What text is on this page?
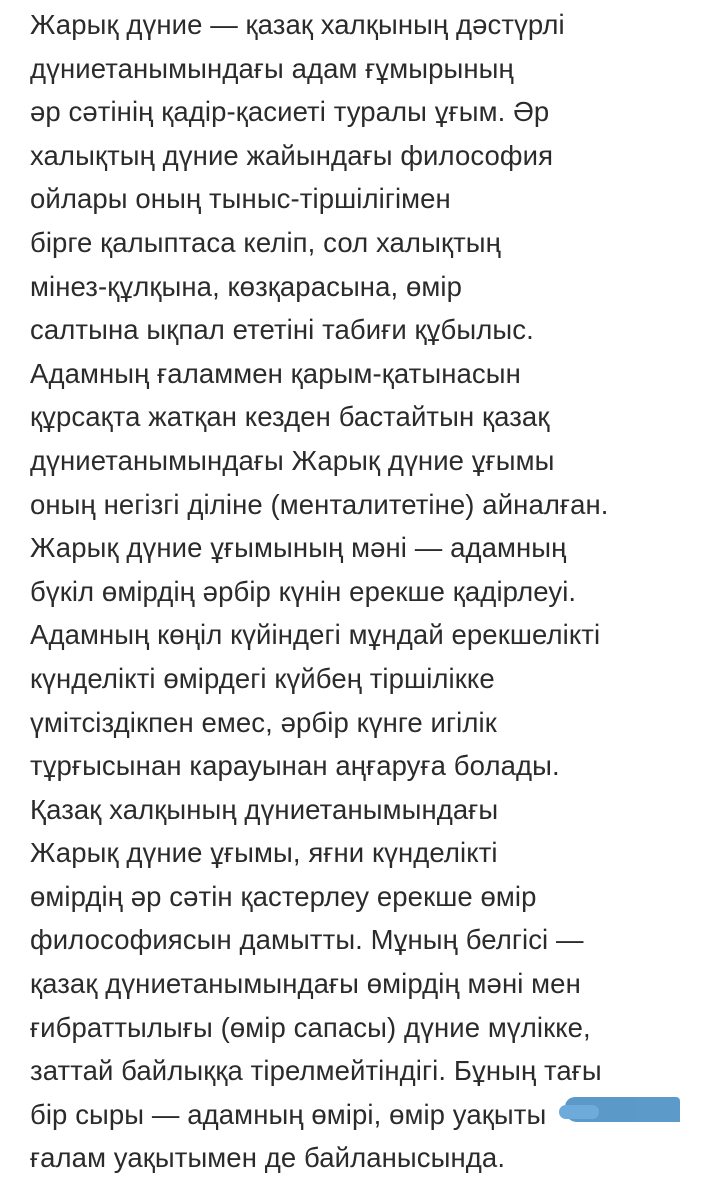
Жарық дүние — қазақ халқының дәстүрлі
дүниетанымындағы адам ғұмырының
әр сәтінің қадір-қасиеті туралы ұғым. Әр
халықтың дүние жайындағы философия
ойлары оның тыныс-тіршілігімен
бірге қалыптаса келіп, сол халықтың
мінез-құлқына, көзқарасына, өмір
салтына ықпал ететіні табиғи құбылыс.
Адамның ғаламмен қарым-қатынасын
құрсақта жатқан кезден бастайтын қазақ
дүниетанымындағы Жарық дүние ұғымы
оның негізгі діліне (менталитетіне) айналған.
Жарық дүние ұғымының мәні — адамның
бүкіл өмірдің әрбір күнін ерекше қадірлеуі.
Адамның көңіл күйіндегі мұндай ерекшелікті
күнделікті өмірдегі күйбең тіршілікке
үмітсіздікпен емес, әрбір күнге игілік
тұрғысынан карауынан аңғаруға болады.
Қазақ халқының дүниетанымындағы
Жарық дүние ұғымы, яғни күнделікті
өмірдің әр сәтін қастерлеу ерекше өмір
философиясын дамытты. Мұның белгісі —
қазақ дүниетанымындағы өмірдің мәні мен
ғибраттылығы (өмір сапасы) дүние мүлікке,
заттай байлыққа тірелмейтіндігі. Бұның тағы
бір сыры — адамның өмірі, өмір уақыты
ғалам уақытымен де байланысында.
